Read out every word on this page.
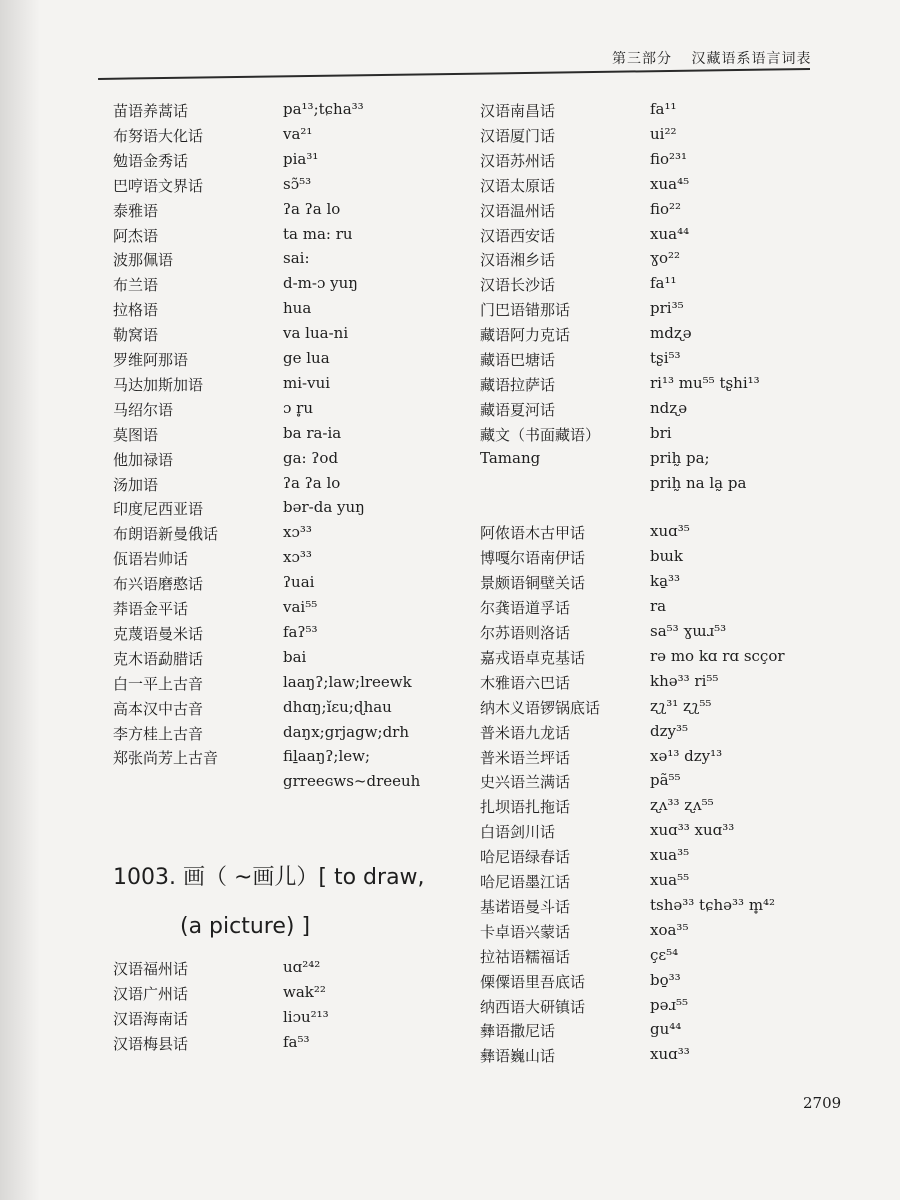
第三部分 汉藏语系语言词表
苗语养蒿话	pa¹³;tɕha³³
布努语大化话	va²¹
勉语金秀话	pia³¹
巴哼语文界话	sɔ̃⁵³
泰雅语	ʔa ʔa lo
阿杰语	ta ma: ru
波那佩语	sai:
布兰语	d-m-ɔ yuŋ
拉格语	hua
勒窝语	va lua-ni
罗维阿那语	ge lua
马达加斯加语	mi-vui
马绍尔语	ɔ r̥u
莫图语	ba ra-ia
他加禄语	ga: ʔod
汤加语	ʔa ʔa lo
印度尼西亚语	bər-da yuŋ
布朗语新曼俄话	xɔ³³
佤语岩帅话	xɔ³³
布兴语磨憨话	ʔuai
莽语金平话	vai⁵⁵
克蔑语曼米话	faʔ⁵³
克木语勐腊话	bai
白一平上古音	laaŋʔ;law;lreewk
高本汉中古音	dhɑŋ;ĭɛu;ɖhau
李方桂上古音	daŋx;grjagw;drh
郑张尚芳上古音	fiḻaaŋʔ;lew;
grreeɢws~dreeuh
汉语南昌话	fa¹¹
汉语厦门话	ui²²
汉语苏州话	fio²³¹
汉语太原话	xua⁴⁵
汉语温州话	fio²²
汉语西安话	xua⁴⁴
汉语湘乡话	ɣo²²
汉语长沙话	fa¹¹
门巴语错那话	pri³⁵
藏语阿力克话	mdʐə
藏语巴塘话	tʂi⁵³
藏语拉萨话	ri¹³ mu⁵⁵ tʂhi¹³
藏语夏河话	ndʐə
藏文（书面藏语）	bri
Tamang	prih̰ pa;
prih̰ na la̰ pa
阿侬语木古甲话	xuɑ³⁵
博嘎尔语南伊话	bɯk
景颇语铜壁关话	ka̱³³
尔龚语道孚话	ra
尔苏语则洛话	sa⁵³ ɣɯɹ⁵³
嘉戎语卓克基话	rə mo kɑ rɑ scçor
木雅语六巴话	khə³³ ri⁵⁵
纳木义语锣锅底话	ʐʅ³¹ ʐʅ⁵⁵
普米语九龙话	dzy³⁵
普米语兰坪话	xə¹³ dzy¹³
史兴语兰满话	pã⁵⁵
扎坝语扎拖话	ʐʌ³³ ʐʌ⁵⁵
白语剑川话	xuɑ³³ xuɑ³³
哈尼语绿春话	xua³⁵
哈尼语墨江话	xua⁵⁵
基诺语曼斗话	tshə³³ tɕhə³³ m̥⁴²
卡卓语兴蒙话	xoa³⁵
拉祜语糯福话	çɛ⁵⁴
傈僳语里吾底话	bo̱³³
纳西语大研镇话	pəɹ⁵⁵
彝语撒尼话	gu⁴⁴
彝语巍山话	xuɑ³³
1003. 画（ ~画儿）[ to draw,
(a picture) ]
汉语福州话	uɑ²⁴²
汉语广州话	wak²²
汉语海南话	liɔu²¹³
汉语梅县话	fa⁵³
2709
